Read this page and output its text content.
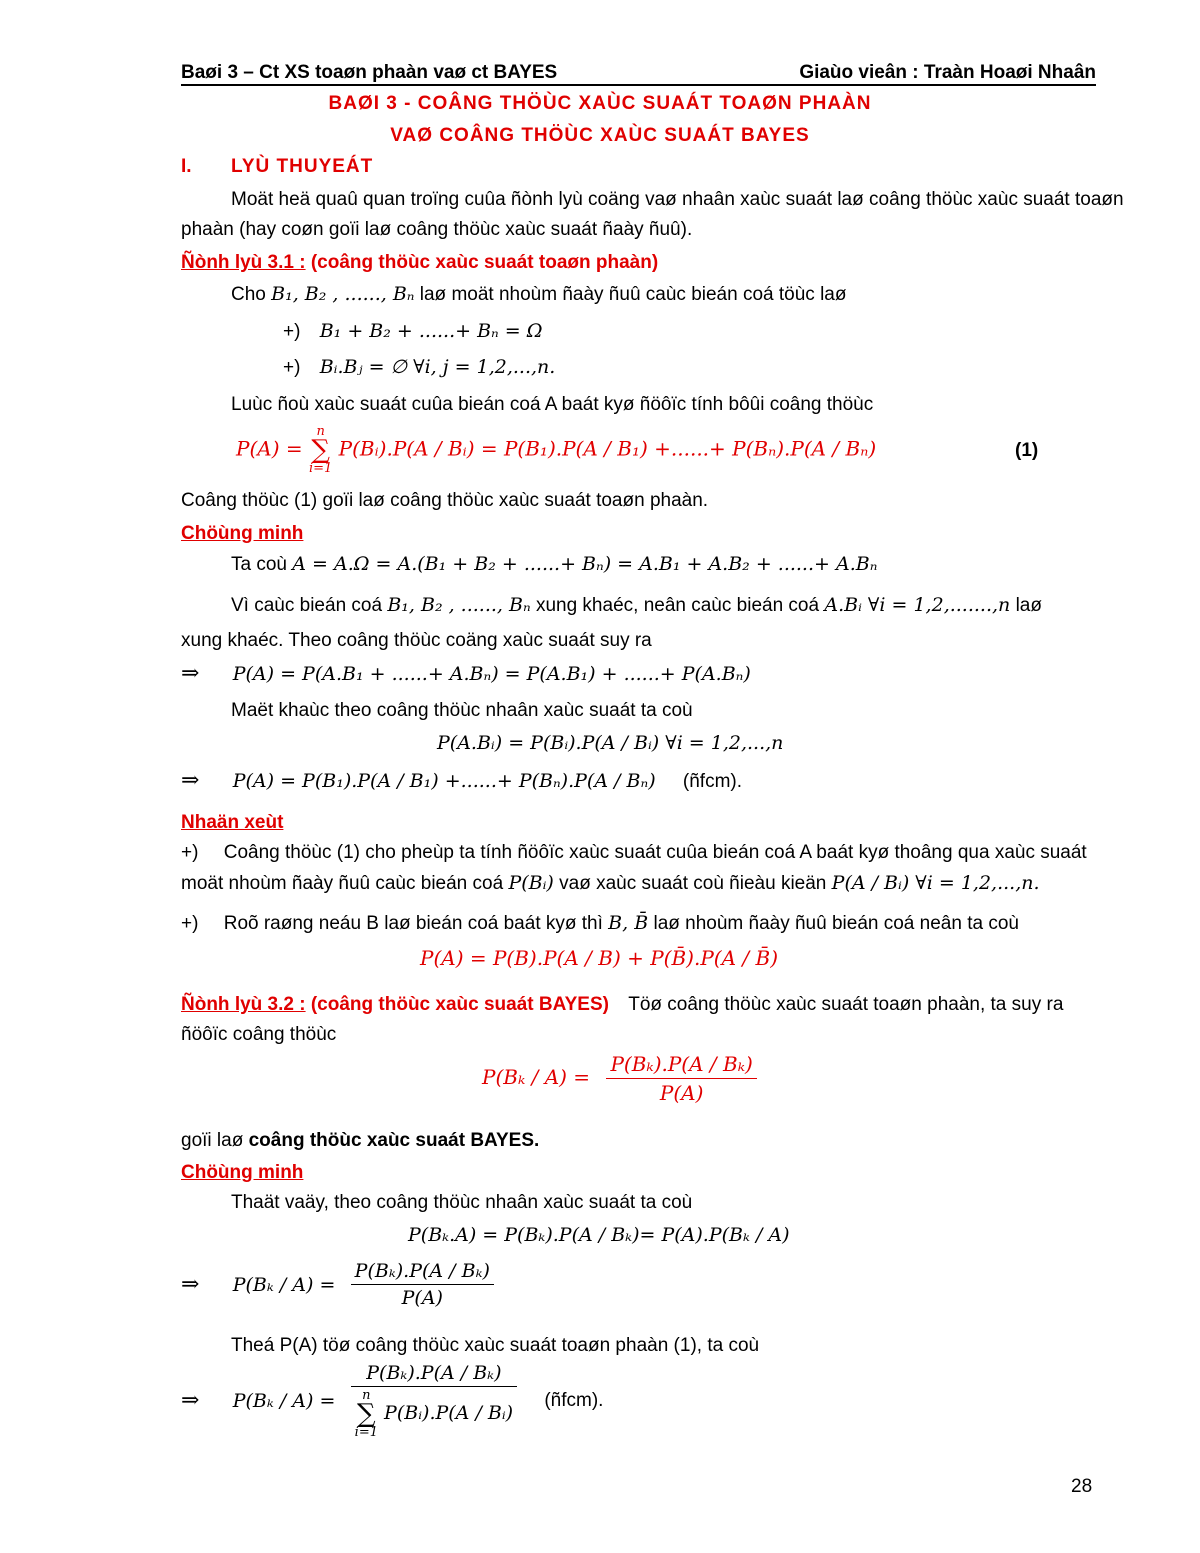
Baøi 3 – Ct XS toaøn phaàn vaø ct BAYES	Giaùo vieân : Traàn Hoaøi Nhaân
BAØI 3 - COÂNG THÖÙC XAÙC SUAÁT TOAØN PHAÀN
VAØ COÂNG THÖÙC XAÙC SUAÁT BAYES
I. LYÙ THUYEÁT
Moät heä quaû quan troïng cuûa ñònh lyù coäng vaø nhaân xaùc suaát laø coâng thöùc xaùc suaát toaøn
phaàn (hay coøn goïi laø coâng thöùc xaùc suaát ñaày ñuû).
Ñònh lyù 3.1 : (coâng thöùc xaùc suaát toaøn phaàn)
Cho B₁, B₂ , ......, Bₙ laø moät nhoùm ñaày ñuû caùc bieán coá töùc laø
+) B₁ + B₂ + ......+ Bₙ = Ω
+) Bᵢ.Bⱼ = ∅ ∀i, j = 1,2,...,n.
Luùc ñoù xaùc suaát cuûa bieán coá A baát kyø ñöôïc tính bôûi coâng thöùc
P(A) = n
∑
i=1 P(Bᵢ).P(A / Bᵢ) = P(B₁).P(A / B₁) +......+ P(Bₙ).P(A / Bₙ)	(1)
Coâng thöùc (1) goïi laø coâng thöùc xaùc suaát toaøn phaàn.
Chöùng minh
Ta coù A = A.Ω = A.(B₁ + B₂ + ......+ Bₙ) = A.B₁ + A.B₂ + ......+ A.Bₙ
Vì caùc bieán coá B₁, B₂ , ......, Bₙ xung khaéc, neân caùc bieán coá A.Bᵢ ∀i = 1,2,.......,n laø
xung khaéc. Theo coâng thöùc coäng xaùc suaát suy ra
⇒ P(A) = P(A.B₁ + ......+ A.Bₙ) = P(A.B₁) + ......+ P(A.Bₙ)
Maët khaùc theo coâng thöùc nhaân xaùc suaát ta coù
P(A.Bᵢ) = P(Bᵢ).P(A / Bᵢ) ∀i = 1,2,...,n
⇒ P(A) = P(B₁).P(A / B₁) +......+ P(Bₙ).P(A / Bₙ) (ñfcm).
Nhaän xeùt
+) Coâng thöùc (1) cho pheùp ta tính ñöôïc xaùc suaát cuûa bieán coá A baát kyø thoâng qua xaùc suaát
moät nhoùm ñaày ñuû caùc bieán coá P(Bᵢ) vaø xaùc suaát coù ñieàu kieän P(A / Bᵢ) ∀i = 1,2,...,n.
+) Roõ raøng neáu B laø bieán coá baát kyø thì B, B̄ laø nhoùm ñaày ñuû bieán coá neân ta coù
P(A) = P(B).P(A / B) + P(B̄).P(A / B̄)
Ñònh lyù 3.2 : (coâng thöùc xaùc suaát BAYES) Töø coâng thöùc xaùc suaát toaøn phaàn, ta suy ra
ñöôïc coâng thöùc
$P(B_k / A) = \frac{\text{P(Bₖ).P(A / Bₖ)}}{P(A)}$
goïi laø coâng thöùc xaùc suaát BAYES.
Chöùng minh
Thaät vaäy, theo coâng thöùc nhaân xaùc suaát ta coù
P(Bₖ.A) = P(Bₖ).P(A / Bₖ)= P(A).P(Bₖ / A)
⇒ $P(B_k / A) = \frac{\text{P(Bₖ).P(A / Bₖ)}}{P(A)}$
Theá P(A) töø coâng thöùc xaùc suaát toaøn phaàn (1), ta coù
⇒ P(Bₖ / A) = P(Bₖ).P(A / Bₖ)
n
∑
i=1 P(Bᵢ).P(A / Bᵢ) (ñfcm).
28
